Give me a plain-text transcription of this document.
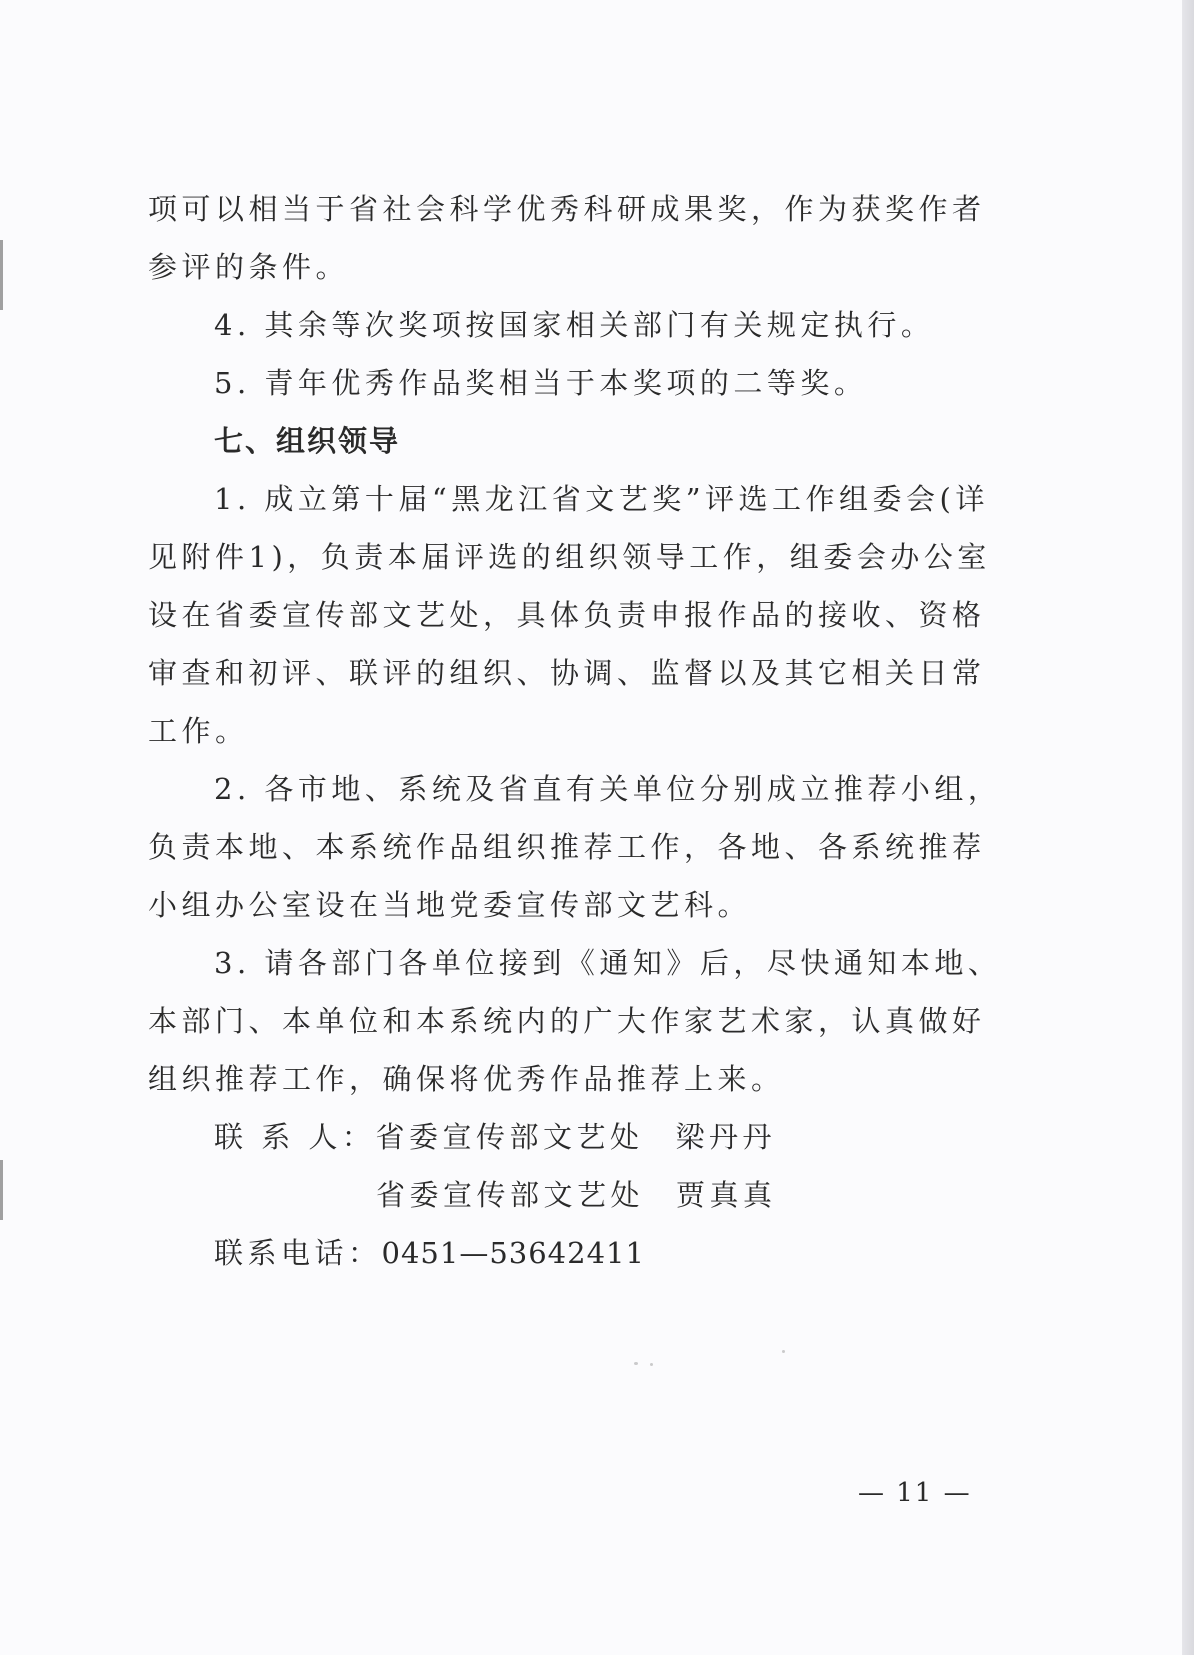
项可以相当于省社会科学优秀科研成果奖，作为获奖作者参评的条件。

4. 其余等次奖项按国家相关部门有关规定执行。

5. 青年优秀作品奖相当于本奖项的二等奖。

七、组织领导

1. 成立第十届“黑龙江省文艺奖”评选工作组委会(详见附件1)，负责本届评选的组织领导工作，组委会办公室设在省委宣传部文艺处，具体负责申报作品的接收、资格审查和初评、联评的组织、协调、监督以及其它相关日常工作。

2. 各市地、系统及省直有关单位分别成立推荐小组，负责本地、本系统作品组织推荐工作，各地、各系统推荐小组办公室设在当地党委宣传部文艺科。

3. 请各部门各单位接到《通知》后，尽快通知本地、本部门、本单位和本系统内的广大作家艺术家，认真做好组织推荐工作，确保将优秀作品推荐上来。

联 系 人：省委宣传部文艺处 梁丹丹

省委宣传部文艺处 贾真真

联系电话：0451—53642411

— 11 —
